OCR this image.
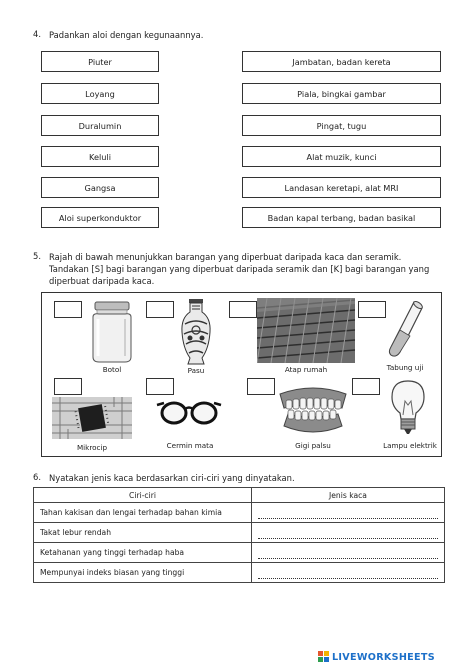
4. Padankan aloi dengan kegunaannya.
Piuter
Loyang
Duralumin
Keluli
Gangsa
Aloi superkonduktor
Jambatan, badan kereta
Piala, bingkai gambar
Pingat, tugu
Alat muzik, kunci
Landasan keretapi, alat MRI
Badan kapal terbang, badan basikal
5. Rajah di bawah menunjukkan barangan yang diperbuat daripada kaca dan seramik.
Tandakan [S] bagi barangan yang diperbuat daripada seramik dan [K] bagi barangan yang
diperbuat daripada kaca.
Botol	Pasu	Atap rumah	Tabung uji
Mikrocip	Cermin mata	Gigi palsu	Lampu elektrik
6. Nyatakan jenis kaca berdasarkan ciri-ciri yang dinyatakan.
Ciri-ciri	Jenis kaca
Tahan kakisan dan lengai terhadap bahan kimia	

Takat lebur rendah	

Ketahanan yang tinggi terhadap haba	

Mempunyai indeks biasan yang tinggi	
LIVEWORKSHEETS
